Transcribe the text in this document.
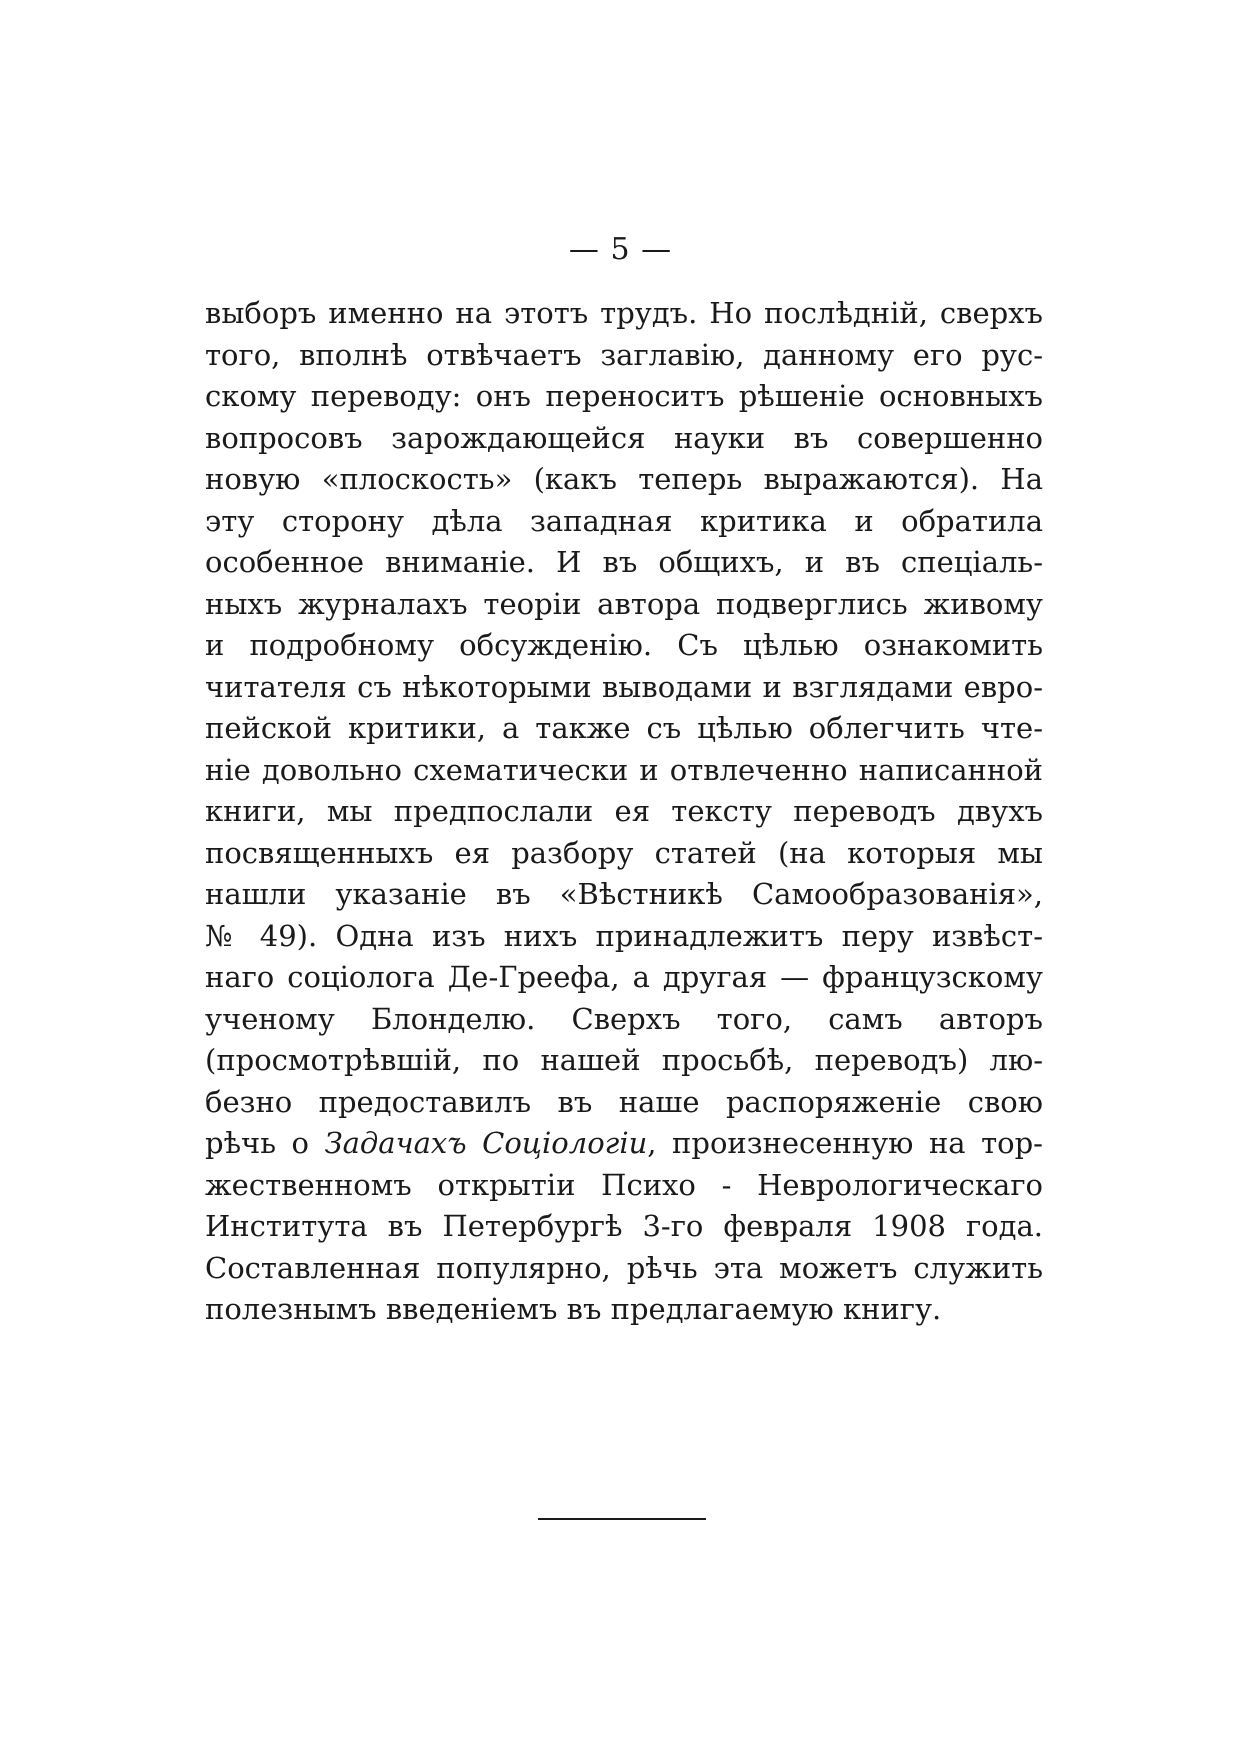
— 5 —
выборъ именно на этотъ трудъ. Но послѣднiй, сверхъ
того, вполнѣ отвѣчаетъ заглавiю, данному его рус-
скому переводу: онъ переноситъ рѣшенiе основныхъ
вопросовъ зарождающейся науки въ совершенно
новую «плоскость» (какъ теперь выражаются). На
эту сторону дѣла западная критика и обратила
особенное вниманiе. И въ общихъ, и въ спецiаль-
ныхъ журналахъ теорiи автора подверглись живому
и подробному обсужденiю. Съ цѣлью ознакомить
читателя съ нѣкоторыми выводами и взглядами евро-
пейской критики, а также съ цѣлью облегчить чте-
нiе довольно схематически и отвлеченно написанной
книги, мы предпослали ея тексту переводъ двухъ
посвященныхъ ея разбору статей (на которыя мы
нашли указанiе въ «Вѣстникѣ Самообразованiя»,
№ 49). Одна изъ нихъ принадлежитъ перу извѣст-
наго соцiолога Де-Греефа, а другая — французскому
ученому Блонделю. Сверхъ того, самъ авторъ
(просмотрѣвшiй, по нашей просьбѣ, переводъ) лю-
безно предоставилъ въ наше распоряженiе свою
рѣчь о Задачахъ Соцiологiи, произнесенную на тор-
жественномъ открытiи Психо - Неврологическаго
Института въ Петербургѣ 3-го февраля 1908 года.
Составленная популярно, рѣчь эта можетъ служить
полезнымъ введенiемъ въ предлагаемую книгу.
